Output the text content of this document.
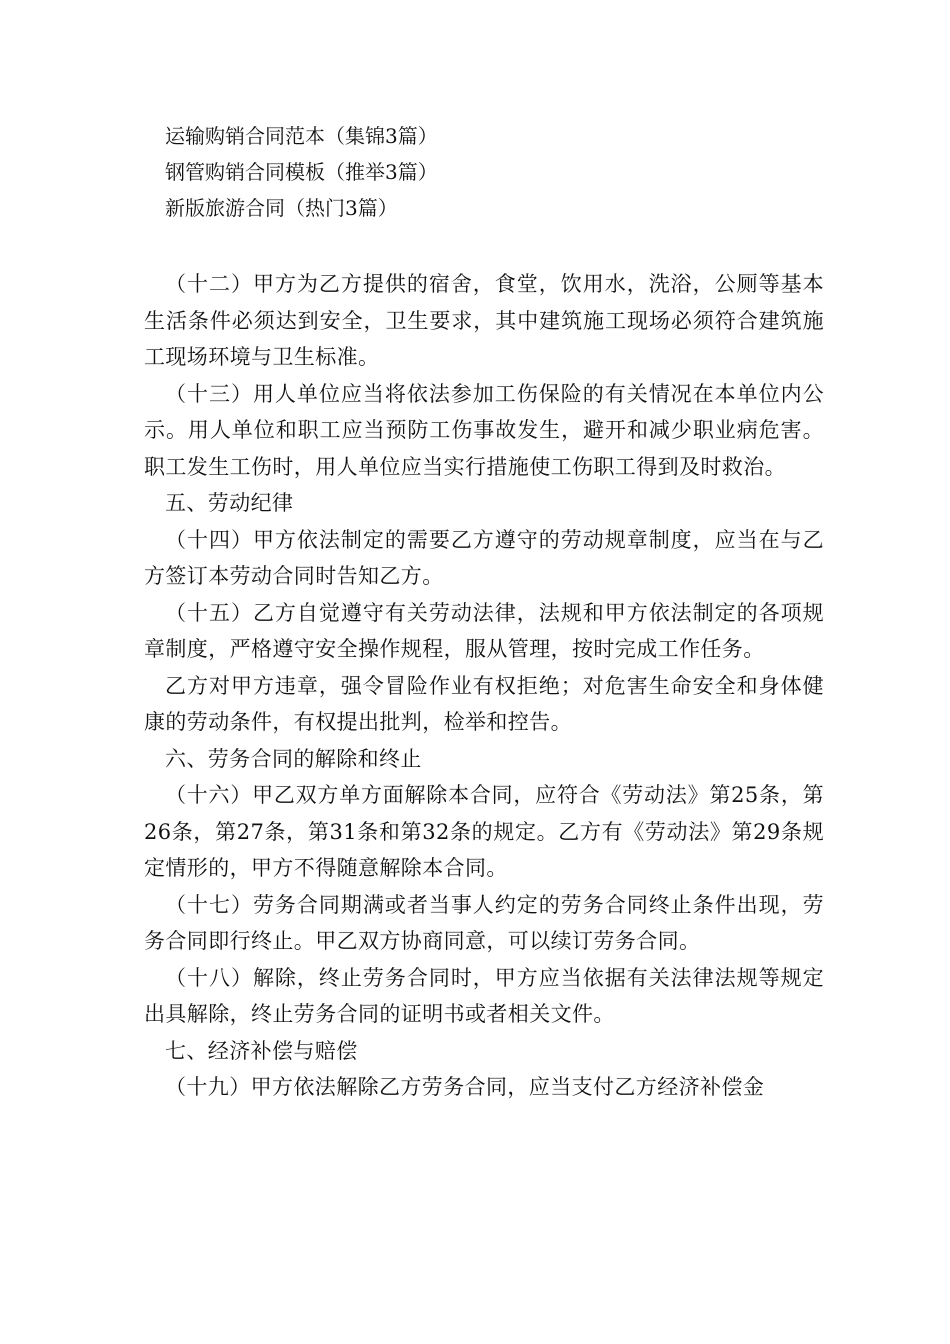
运输购销合同范本（集锦3篇）
钢管购销合同模板（推举3篇）
新版旅游合同（热门3篇）

（十二）甲方为乙方提供的宿舍，食堂，饮用水，洗浴，公厕等基本生活条件必须达到安全，卫生要求，其中建筑施工现场必须符合建筑施工现场环境与卫生标准。

（十三）用人单位应当将依法参加工伤保险的有关情况在本单位内公示。用人单位和职工应当预防工伤事故发生，避开和减少职业病危害。职工发生工伤时，用人单位应当实行措施使工伤职工得到及时救治。

五、劳动纪律

（十四）甲方依法制定的需要乙方遵守的劳动规章制度，应当在与乙方签订本劳动合同时告知乙方。

（十五）乙方自觉遵守有关劳动法律，法规和甲方依法制定的各项规章制度，严格遵守安全操作规程，服从管理，按时完成工作任务。

乙方对甲方违章，强令冒险作业有权拒绝；对危害生命安全和身体健康的劳动条件，有权提出批判，检举和控告。

六、劳务合同的解除和终止

（十六）甲乙双方单方面解除本合同，应符合《劳动法》第25条，第26条，第27条，第31条和第32条的规定。乙方有《劳动法》第29条规定情形的，甲方不得随意解除本合同。

（十七）劳务合同期满或者当事人约定的劳务合同终止条件出现，劳务合同即行终止。甲乙双方协商同意，可以续订劳务合同。

（十八）解除，终止劳务合同时，甲方应当依据有关法律法规等规定出具解除，终止劳务合同的证明书或者相关文件。

七、经济补偿与赔偿

（十九）甲方依法解除乙方劳务合同，应当支付乙方经济补偿金
